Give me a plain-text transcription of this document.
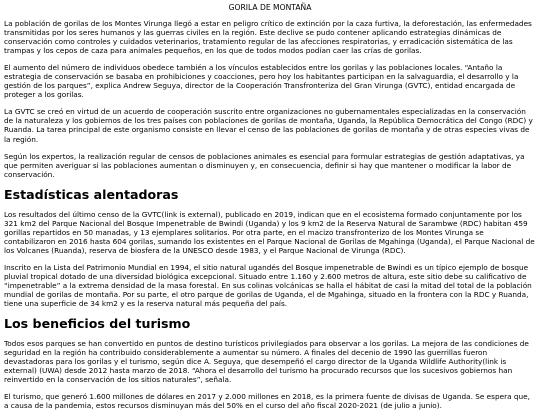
GORILA DE MONTAÑA

La población de gorilas de los Montes Virunga llegó a estar en peligro crítico de extinción por la caza furtiva, la deforestación, las enfermedades transmitidas por los seres humanos y las guerras civiles en la región. Este declive se pudo contener aplicando estrategias dinámicas de conservación como controles y cuidados veterinarios, tratamiento regular de las afecciones respiratorias, y erradicación sistemática de las trampas y los cepos de caza para animales pequeños, en los que de todos modos podían caer las crías de gorilas.

El aumento del número de individuos obedece también a los vínculos establecidos entre los gorilas y las poblaciones locales. “Antaño la estrategia de conservación se basaba en prohibiciones y coacciones, pero hoy los habitantes participan en la salvaguardia, el desarrollo y la gestión de los parques”, explica Andrew Seguya, director de la Cooperación Transfronteriza del Gran Virunga (GVTC), entidad encargada de proteger a los gorilas.

La GVTC se creó en virtud de un acuerdo de cooperación suscrito entre organizaciones no gubernamentales especializadas en la conservación de la naturaleza y los gobiernos de los tres países con poblaciones de gorilas de montaña, Uganda, la República Democrática del Congo (RDC) y Ruanda. La tarea principal de este organismo consiste en llevar el censo de las poblaciones de gorilas de montaña y de otras especies vivas de la región.

Según los expertos, la realización regular de censos de poblaciones animales es esencial para formular estrategias de gestión adaptativas, ya que permiten averiguar si las poblaciones aumentan o disminuyen y, en consecuencia, definir si hay que mantener o modificar la labor de conservación.

Estadísticas alentadoras

Los resultados del último censo de la GVTC(link is external), publicado en 2019, indican que en el ecosistema formado conjuntamente por los 321 km2 del Parque Nacional del Bosque Impenetrable de Bwindi (Uganda) y los 9 km2 de la Reserva Natural de Sarambwe (RDC) habitan 459 gorillas repartidos en 50 manadas, y 13 ejemplares solitarios. Por otra parte, en el macizo transfronterizo de los Montes Virunga se contabilizaron en 2016 hasta 604 gorilas, sumando los existentes en el Parque Nacional de Gorilas de Mgahinga (Uganda), el Parque Nacional de los Volcanes (Ruanda), reserva de biosfera de la UNESCO desde 1983, y el Parque Nacional de Virunga (RDC).

Inscrito en la Lista del Patrimonio Mundial en 1994, el sitio natural ugandés del Bosque impenetrable de Bwindi es un típico ejemplo de bosque pluvial tropical dotado de una diversidad biológica excepcional. Situado entre 1.160 y 2.600 metros de altura, este sitio debe su calificativo de “impenetrable” a la extrema densidad de la masa forestal. En sus colinas volcánicas se halla el hábitat de casi la mitad del total de la población mundial de gorilas de montaña. Por su parte, el otro parque de gorilas de Uganda, el de Mgahinga, situado en la frontera con la RDC y Ruanda, tiene una superficie de 34 km2 y es la reserva natural más pequeña del país.

Los beneficios del turismo

Todos esos parques se han convertido en puntos de destino turísticos privilegiados para observar a los gorilas. La mejora de las condiciones de seguridad en la región ha contribuido considerablemente a aumentar su número. A finales del decenio de 1990 las guerrillas fueron devastadoras para los gorilas y el turismo, según dice A. Seguya, que desempeñó el cargo director de la Uganda Wildlife Authority(link is external) (UWA) desde 2012 hasta marzo de 2018. “Ahora el desarrollo del turismo ha procurado recursos que los sucesivos gobiernos han reinvertido en la conservación de los sitios naturales”, señala.

El turismo, que generó 1.600 millones de dólares en 2017 y 2.000 millones en 2018, es la primera fuente de divisas de Uganda. Se espera que, a causa de la pandemia, estos recursos disminuyan más del 50% en el curso del año fiscal 2020-2021 (de julio a junio).
